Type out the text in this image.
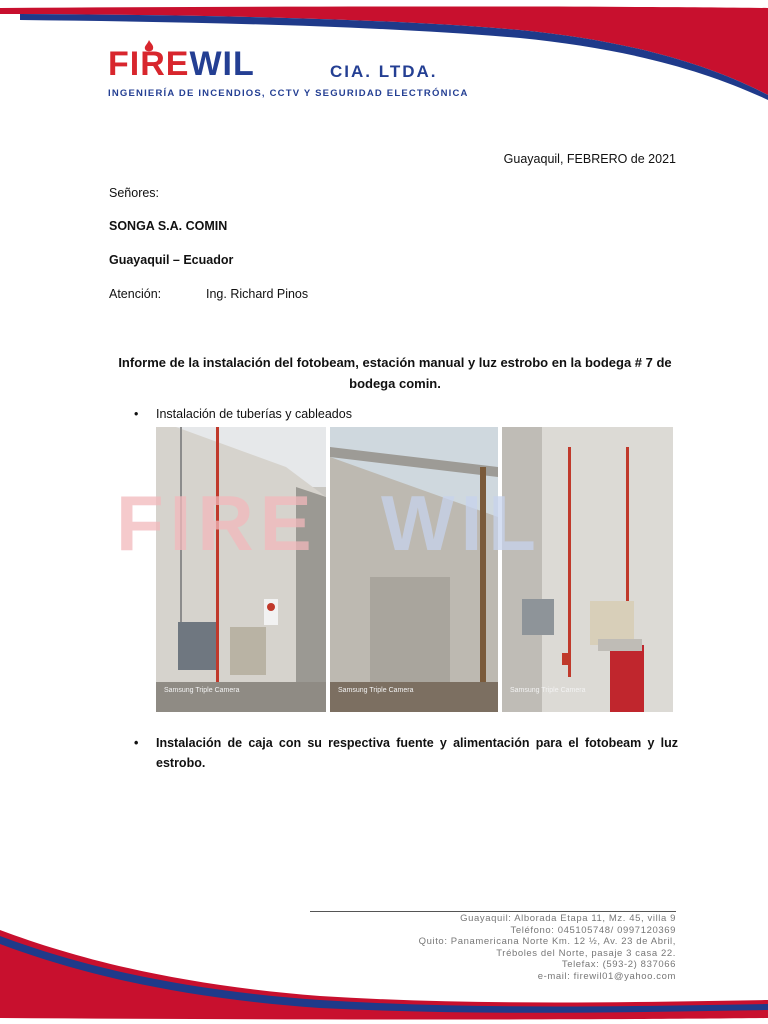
FIREWIL	CIA. LTDA.
INGENIERÍA DE INCENDIOS, CCTV Y SEGURIDAD ELECTRÓNICA
Guayaquil, FEBRERO de 2021
Señores:
SONGA S.A. COMIN
Guayaquil – Ecuador
Atención:	Ing. Richard Pinos
Informe de la instalación del fotobeam, estación manual y luz estrobo en la bodega # 7 de bodega comin.
• Instalación de tuberías y cableados
Samsung Triple Camera	Samsung Triple Camera	Samsung Triple Camera
FIRE WIL
• Instalación de caja con su respectiva fuente y alimentación para el fotobeam y luz estrobo.
Guayaquil: Alborada Etapa 11, Mz. 45, villa 9
Teléfono: 045105748/ 0997120369
Quito: Panamericana Norte Km. 12 ½, Av. 23 de Abril,
Tréboles del Norte, pasaje 3 casa 22.
Telefax: (593-2) 837066
e-mail: firewil01@yahoo.com
